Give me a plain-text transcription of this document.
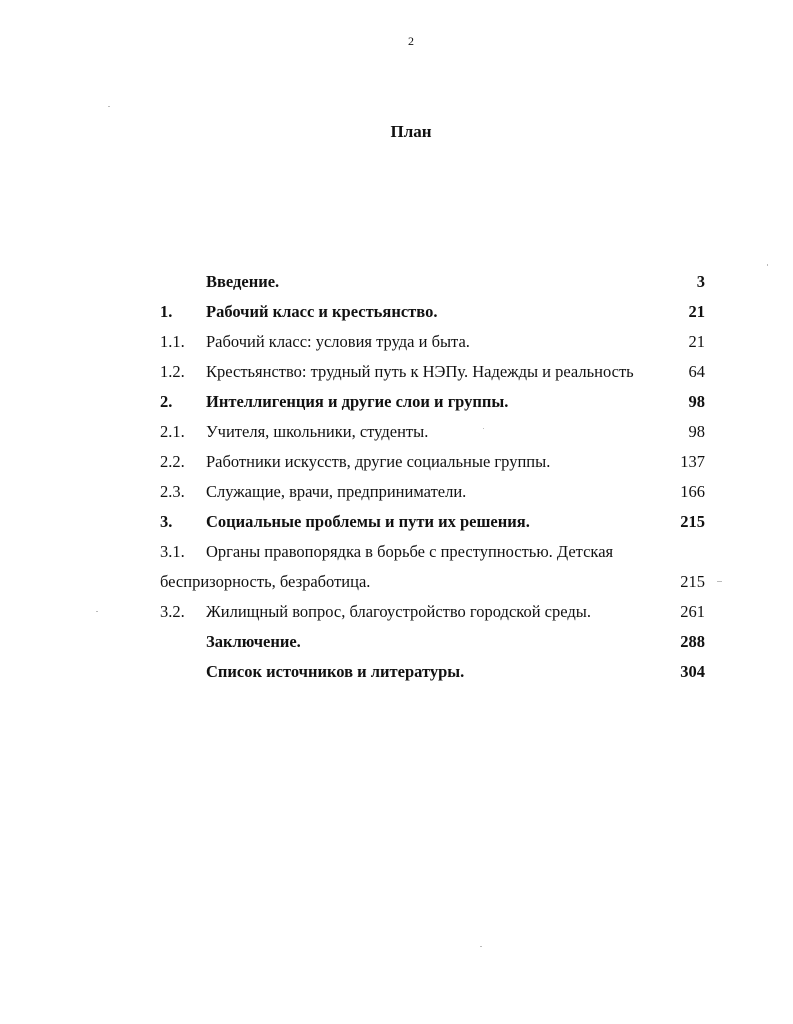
2
План
Введение.	3
1. Рабочий класс и крестьянство.	21
1.1. Рабочий класс: условия труда и быта.	21
1.2. Крестьянство: трудный путь к НЭПу. Надежды и реальность	64
2. Интеллигенция и другие слои и группы.	98
2.1. Учителя, школьники, студенты.	98
2.2. Работники искусств, другие социальные группы.	137
2.3. Служащие, врачи, предприниматели.	166
3. Социальные проблемы и пути их решения.	215
3.1. Органы правопорядка в борьбе с преступностью. Детская
беспризорность, безработица.	215
3.2. Жилищный вопрос, благоустройство городской среды.	261
Заключение.	288
Список источников и литературы.	304
